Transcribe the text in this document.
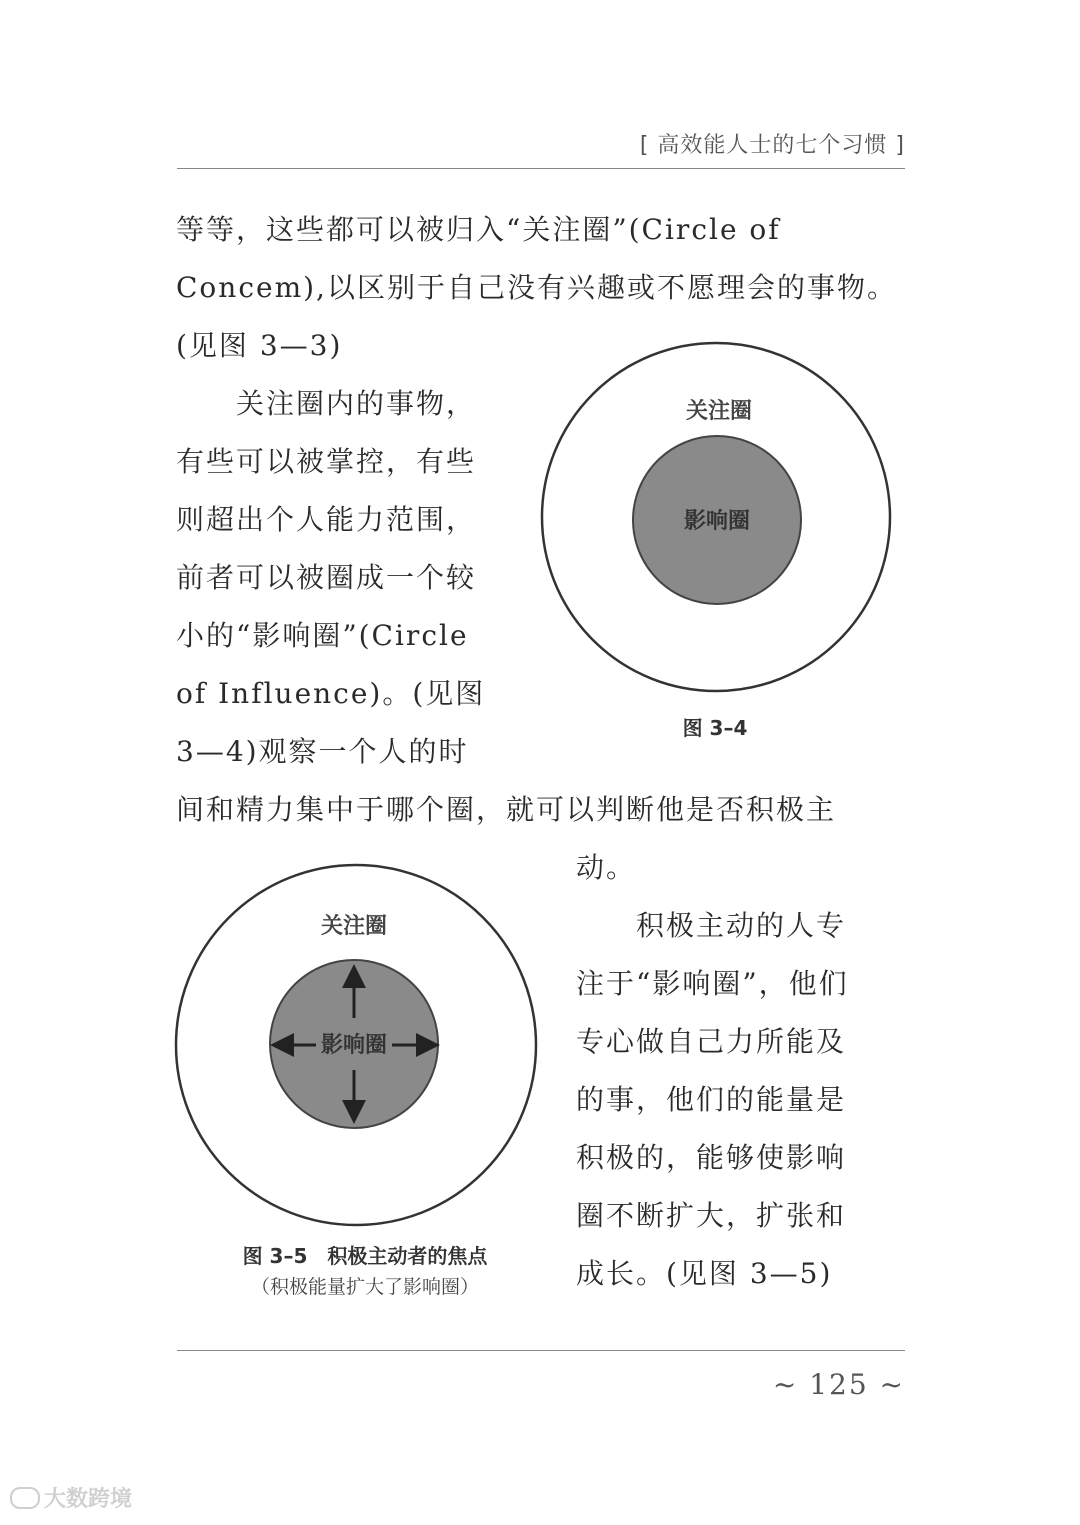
[ 高效能人士的七个习惯 ]
等等，这些都可以被归入“关注圈”(Circle of
Concem),以区别于自己没有兴趣或不愿理会的事物。
(见图 3—3)
关注圈内的事物，
有些可以被掌控，有些
则超出个人能力范围，
前者可以被圈成一个较
小的“影响圈”(Circle
of Influence)。(见图
3—4)观察一个人的时
间和精力集中于哪个圈，就可以判断他是否积极主
动。
积极主动的人专
注于“影响圈”，他们
专心做自己力所能及
的事，他们的能量是
积极的，能够使影响
圈不断扩大，扩张和
成长。(见图 3—5)
关注圈
影响圈
图 3–4
关注圈
影响圈
图 3–5　积极主动者的焦点
（积极能量扩大了影响圈）
~ 125 ~
大数跨境
